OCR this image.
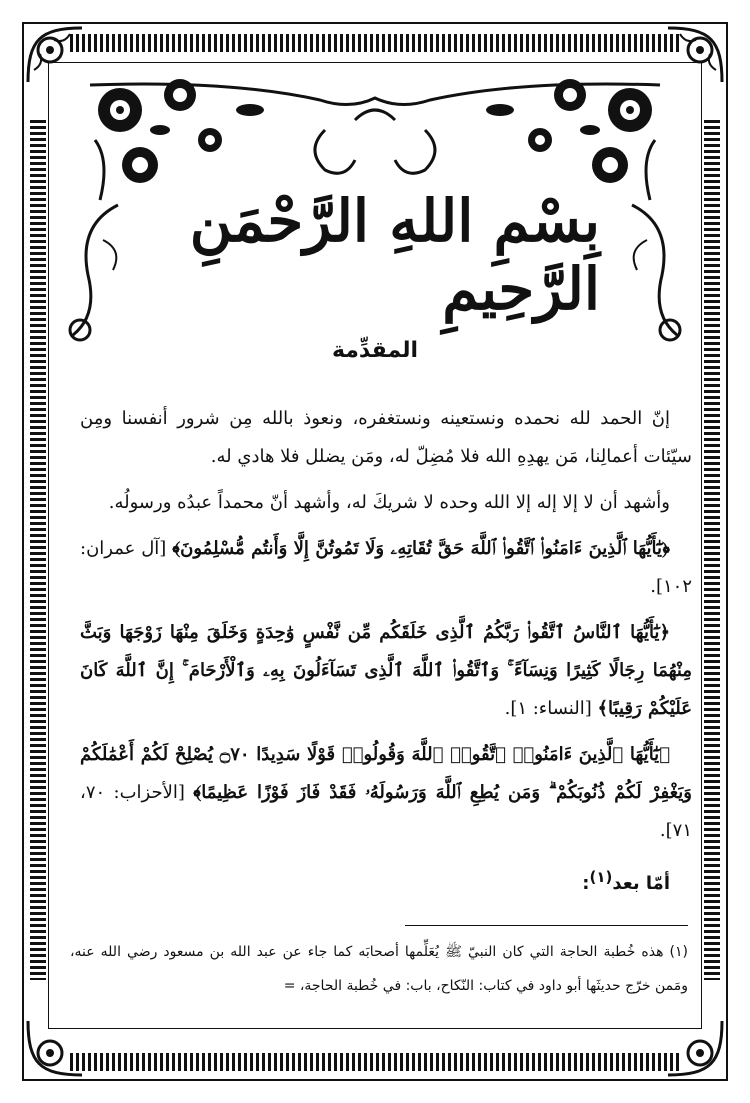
بِسْمِ اللهِ الرَّحْمَنِ الرَّحِيمِ
المقدِّمة

إنّ الحمد لله نحمده ونستعينه ونستغفره، ونعوذ بالله مِن شرور أنفسنا ومِن سيّئات أعمالِنا، مَن يهدِهِ الله فلا مُضِلّ له، ومَن يضلل فلا هادي له.

وأشهد أن لا إلا إله إلا الله وحده لا شريكَ له، وأشهد أنّ محمداً عبدُه ورسولُه.

﴿يَٰٓأَيُّهَا ٱلَّذِينَ ءَامَنُوا۟ ٱتَّقُوا۟ ٱللَّهَ حَقَّ تُقَاتِهِۦ وَلَا تَمُوتُنَّ إِلَّا وَأَنتُم مُّسْلِمُونَ﴾ [آل عمران: ١٠٢].

﴿يَٰٓأَيُّهَا ٱلنَّاسُ ٱتَّقُوا۟ رَبَّكُمُ ٱلَّذِى خَلَقَكُم مِّن نَّفْسٍ وَٰحِدَةٍ وَخَلَقَ مِنْهَا زَوْجَهَا وَبَثَّ مِنْهُمَا رِجَالًا كَثِيرًا وَنِسَآءً ۚ وَٱتَّقُوا۟ ٱللَّهَ ٱلَّذِى تَسَآءَلُونَ بِهِۦ وَٱلْأَرْحَامَ ۚ إِنَّ ٱللَّهَ كَانَ عَلَيْكُمْ رَقِيبًا﴾ [النساء: ١].

﴿يَٰٓأَيُّهَا ٱلَّذِينَ ءَامَنُوا۟ ٱتَّقُوا۟ ٱللَّهَ وَقُولُوا۟ قَوْلًا سَدِيدًا ۝٧٠ يُصْلِحْ لَكُمْ أَعْمَٰلَكُمْ وَيَغْفِرْ لَكُمْ ذُنُوبَكُمْ ۗ وَمَن يُطِعِ ٱللَّهَ وَرَسُولَهُۥ فَقَدْ فَازَ فَوْزًا عَظِيمًا﴾ [الأحزاب: ٧٠، ٧١].

أمّا بعد$^{(١)}$:

(١) هذه خُطبة الحاجة التي كان النبيّ ﷺ يُعَلِّمها أصحابَه كما جاء عن عبد الله بن مسعود رضي الله عنه، ومَمن خرّج حديثَها أبو داود في كتاب: النّكاح، باب: في خُطبة الحاجة، =
